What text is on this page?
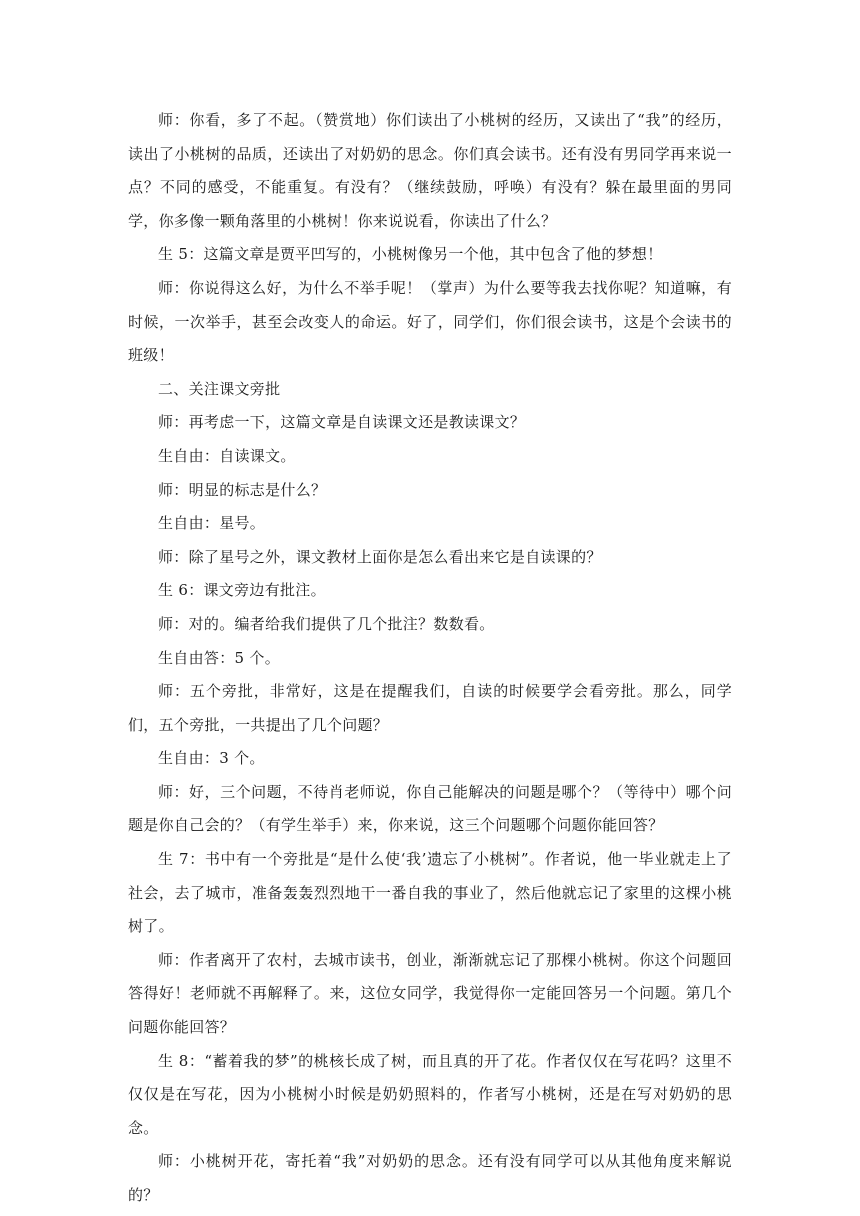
师：你看，多了不起。（赞赏地）你们读出了小桃树的经历，又读出了“我”的经历，读出了小桃树的品质，还读出了对奶奶的思念。你们真会读书。还有没有男同学再来说一点？不同的感受，不能重复。有没有？（继续鼓励，呼唤）有没有？躲在最里面的男同学，你多像一颗角落里的小桃树！你来说说看，你读出了什么？

生 5：这篇文章是贾平凹写的，小桃树像另一个他，其中包含了他的梦想！

师：你说得这么好，为什么不举手呢！（掌声）为什么要等我去找你呢？知道嘛，有时候，一次举手，甚至会改变人的命运。好了，同学们，你们很会读书，这是个会读书的班级！

二、关注课文旁批

师：再考虑一下，这篇文章是自读课文还是教读课文？

生自由：自读课文。

师：明显的标志是什么？

生自由：星号。

师：除了星号之外，课文教材上面你是怎么看出来它是自读课的？

生 6：课文旁边有批注。

师：对的。编者给我们提供了几个批注？数数看。

生自由答：5 个。

师：五个旁批，非常好，这是在提醒我们，自读的时候要学会看旁批。那么，同学们，五个旁批，一共提出了几个问题？

生自由：3 个。

师：好，三个问题，不待肖老师说，你自己能解决的问题是哪个？（等待中）哪个问题是你自己会的？（有学生举手）来，你来说，这三个问题哪个问题你能回答？

生 7：书中有一个旁批是“是什么使‘我’遗忘了小桃树”。作者说，他一毕业就走上了社会，去了城市，准备轰轰烈烈地干一番自我的事业了，然后他就忘记了家里的这棵小桃树了。

师：作者离开了农村，去城市读书，创业，渐渐就忘记了那棵小桃树。你这个问题回答得好！老师就不再解释了。来，这位女同学，我觉得你一定能回答另一个问题。第几个问题你能回答？

生 8：“蓄着我的梦”的桃核长成了树，而且真的开了花。作者仅仅在写花吗？这里不仅仅是在写花，因为小桃树小时候是奶奶照料的，作者写小桃树，还是在写对奶奶的思念。

师：小桃树开花，寄托着“我”对奶奶的思念。还有没有同学可以从其他角度来解说的？
